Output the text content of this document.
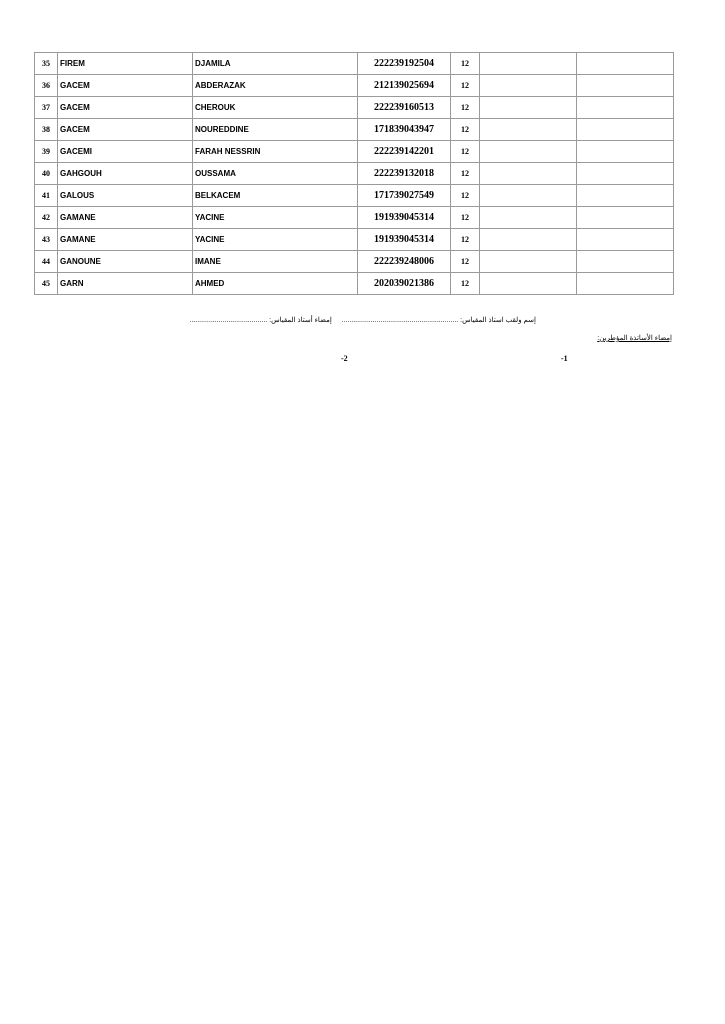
35	FIREM	DJAMILA	222239192504	12		
36	GACEM	ABDERAZAK	212139025694	12		
37	GACEM	CHEROUK	222239160513	12		
38	GACEM	NOUREDDINE	171839043947	12		
39	GACEMI	FARAH NESSRIN	222239142201	12		
40	GAHGOUH	OUSSAMA	222239132018	12		
41	GALOUS	BELKACEM	171739027549	12		
42	GAMANE	YACINE	191939045314	12		
43	GAMANE	YACINE	191939045314	12		
44	GANOUNE	IMANE	222239248006	12		
45	GARN	AHMED	202039021386	12		
إسم ولقب استاذ المقياس: ............................................................     إمضاء أستاذ المقياس: ........................................
إمضاء الأساتذة المؤطرين:
-1
-2
